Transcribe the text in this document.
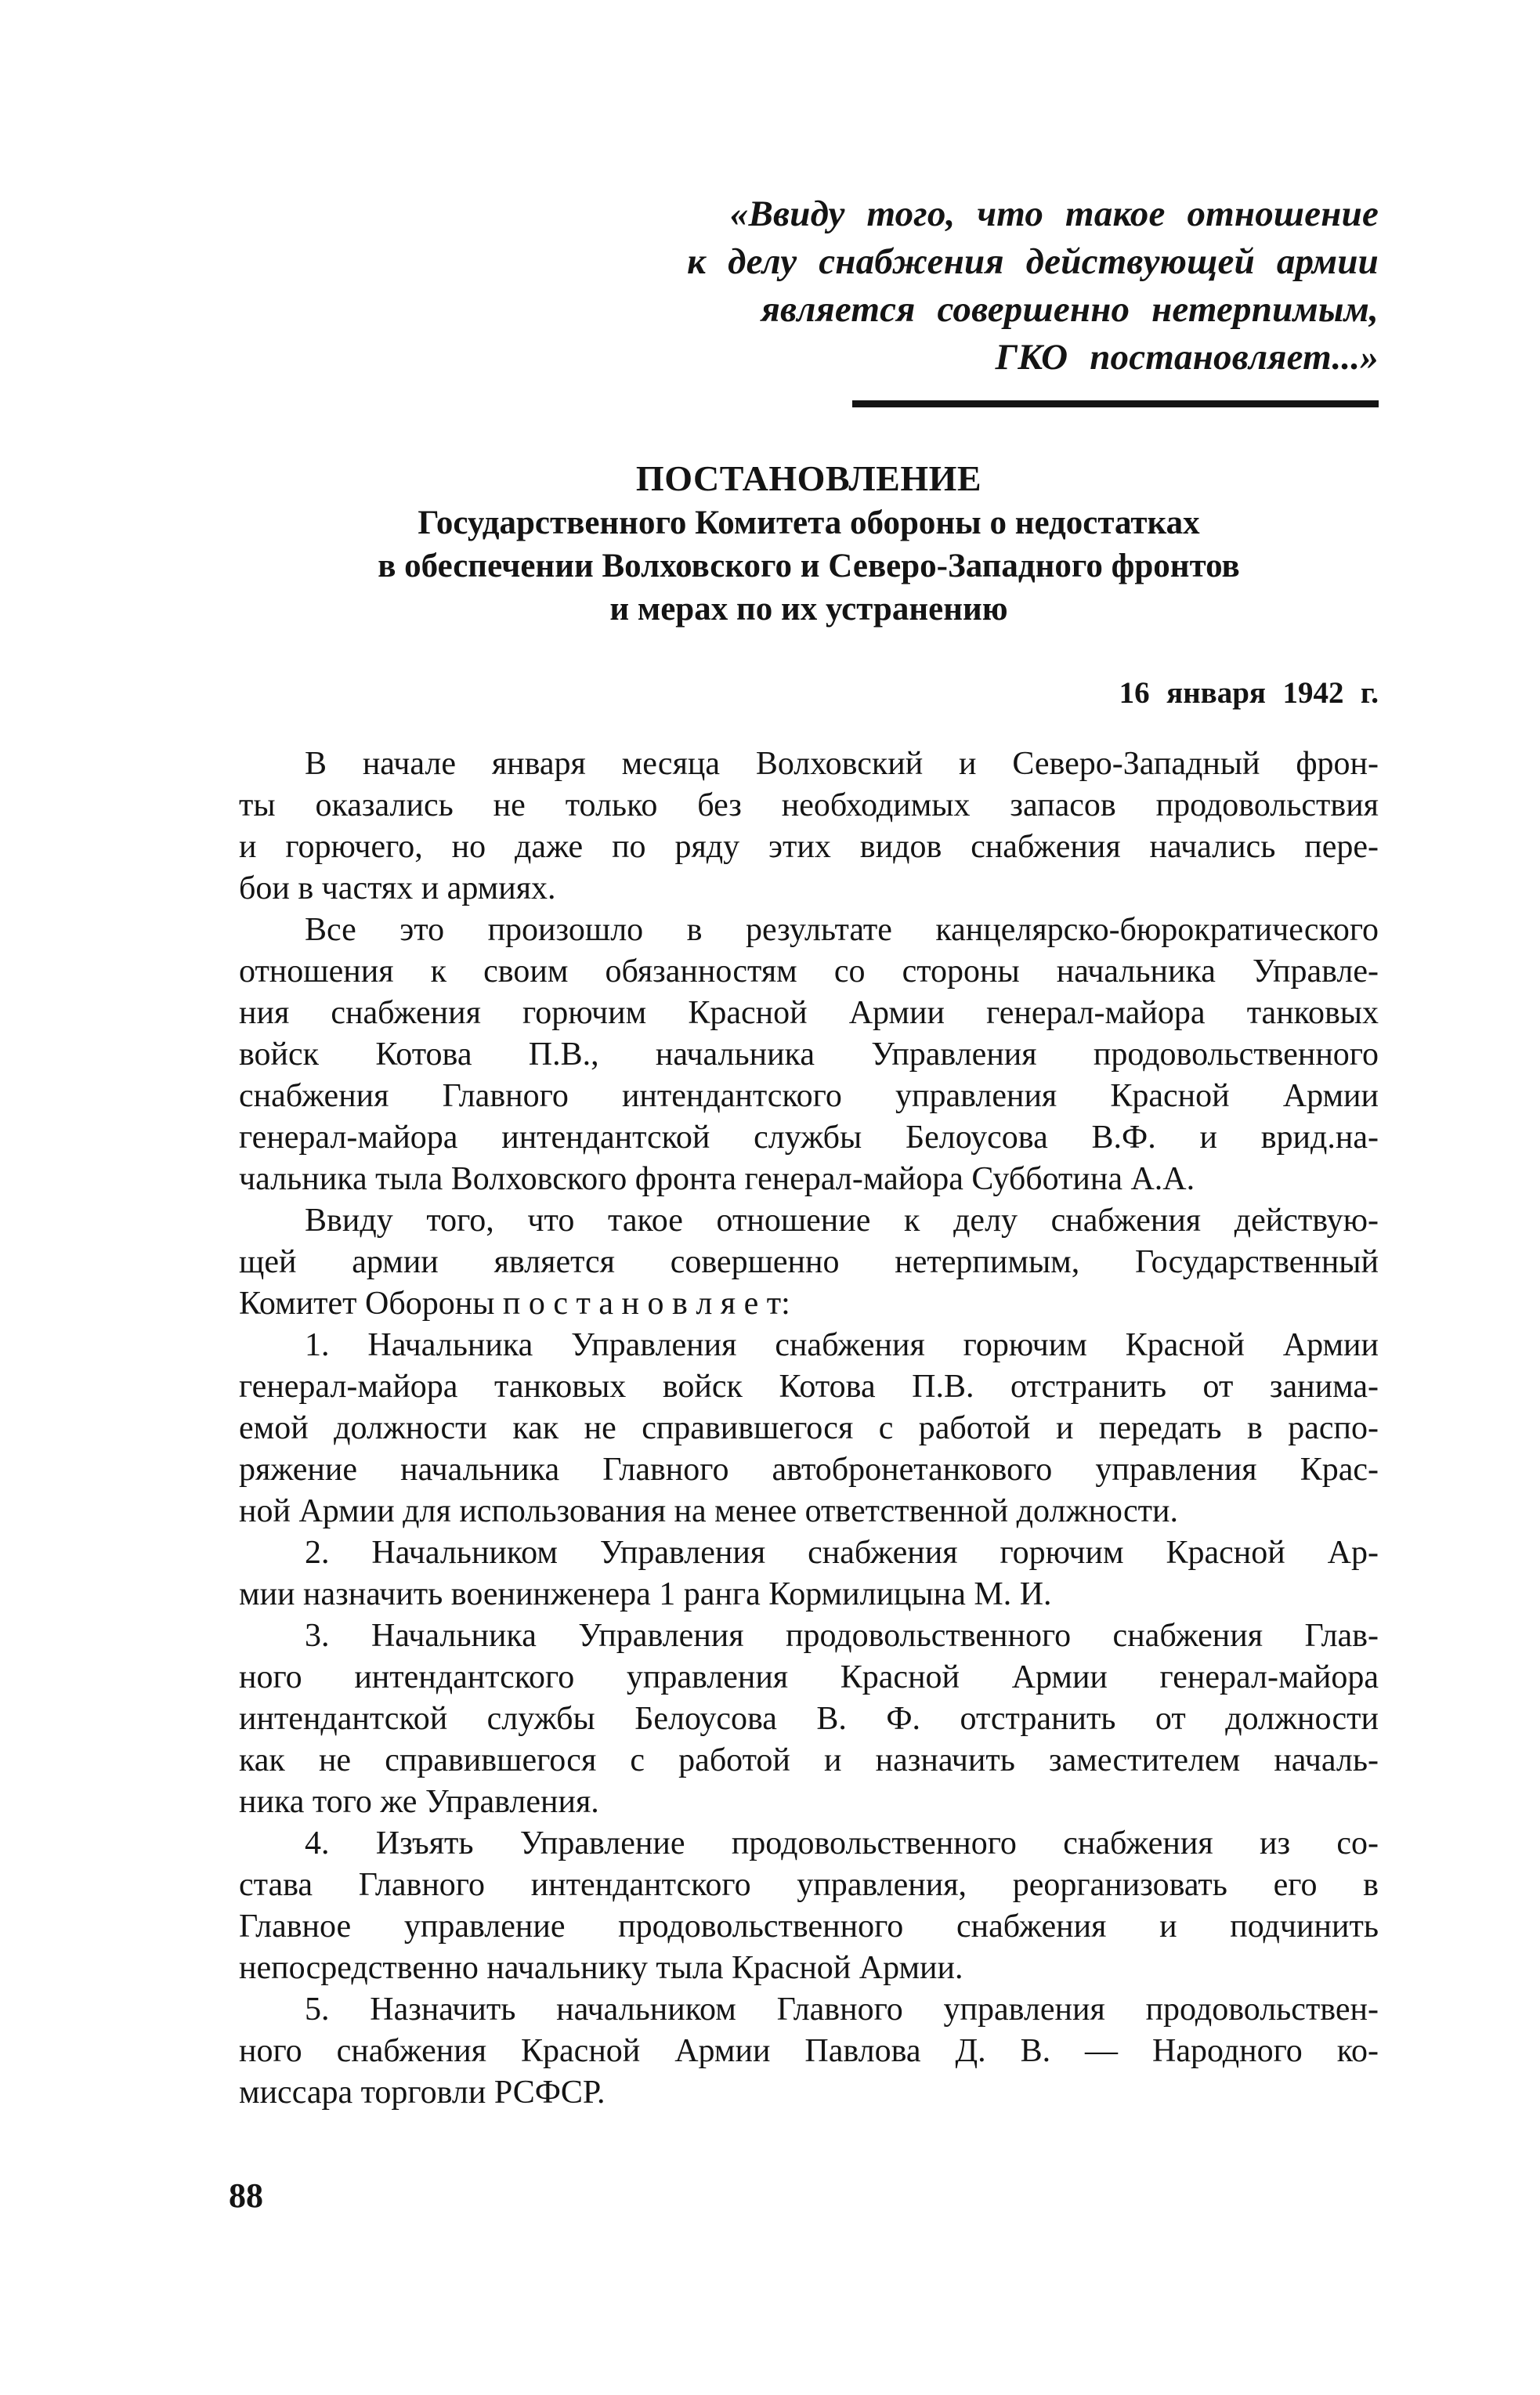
«Ввиду того, что такое отношение
к делу снабжения действующей армии
является совершенно нетерпимым,
ГКО постановляет...»
ПОСТАНОВЛЕНИЕ
Государственного Комитета обороны о недостатках
в обеспечении Волховского и Северо-Западного фронтов
и мерах по их устранению
16 января 1942 г.
В начале января месяца Волховский и Северо-Западный фрон-
ты оказались не только без необходимых запасов продовольствия
и горючего, но даже по ряду этих видов снабжения начались пере-
бои в частях и армиях.
Все это произошло в результате канцелярско-бюрократического
отношения к своим обязанностям со стороны начальника Управле-
ния снабжения горючим Красной Армии генерал-майора танковых
войск Котова П.В., начальника Управления продовольственного
снабжения Главного интендантского управления Красной Армии
генерал-майора интендантской службы Белоусова В.Ф. и врид.на-
чальника тыла Волховского фронта генерал-майора Субботина А.А.
Ввиду того, что такое отношение к делу снабжения действую-
щей армии является совершенно нетерпимым, Государственный
Комитет Обороны п о с т а н о в л я е т:
1. Начальника Управления снабжения горючим Красной Армии
генерал-майора танковых войск Котова П.В. отстранить от занима-
емой должности как не справившегося с работой и передать в распо-
ряжение начальника Главного автобронетанкового управления Крас-
ной Армии для использования на менее ответственной должности.
2. Начальником Управления снабжения горючим Красной Ар-
мии назначить военинженера 1 ранга Кормилицына М. И.
3. Начальника Управления продовольственного снабжения Глав-
ного интендантского управления Красной Армии генерал-майора
интендантской службы Белоусова В. Ф. отстранить от должности
как не справившегося с работой и назначить заместителем началь-
ника того же Управления.
4. Изъять Управление продовольственного снабжения из со-
става Главного интендантского управления, реорганизовать его в
Главное управление продовольственного снабжения и подчинить
непосредственно начальнику тыла Красной Армии.
5. Назначить начальником Главного управления продовольствен-
ного снабжения Красной Армии Павлова Д. В. — Народного ко-
миссара торговли РСФСР.
88
